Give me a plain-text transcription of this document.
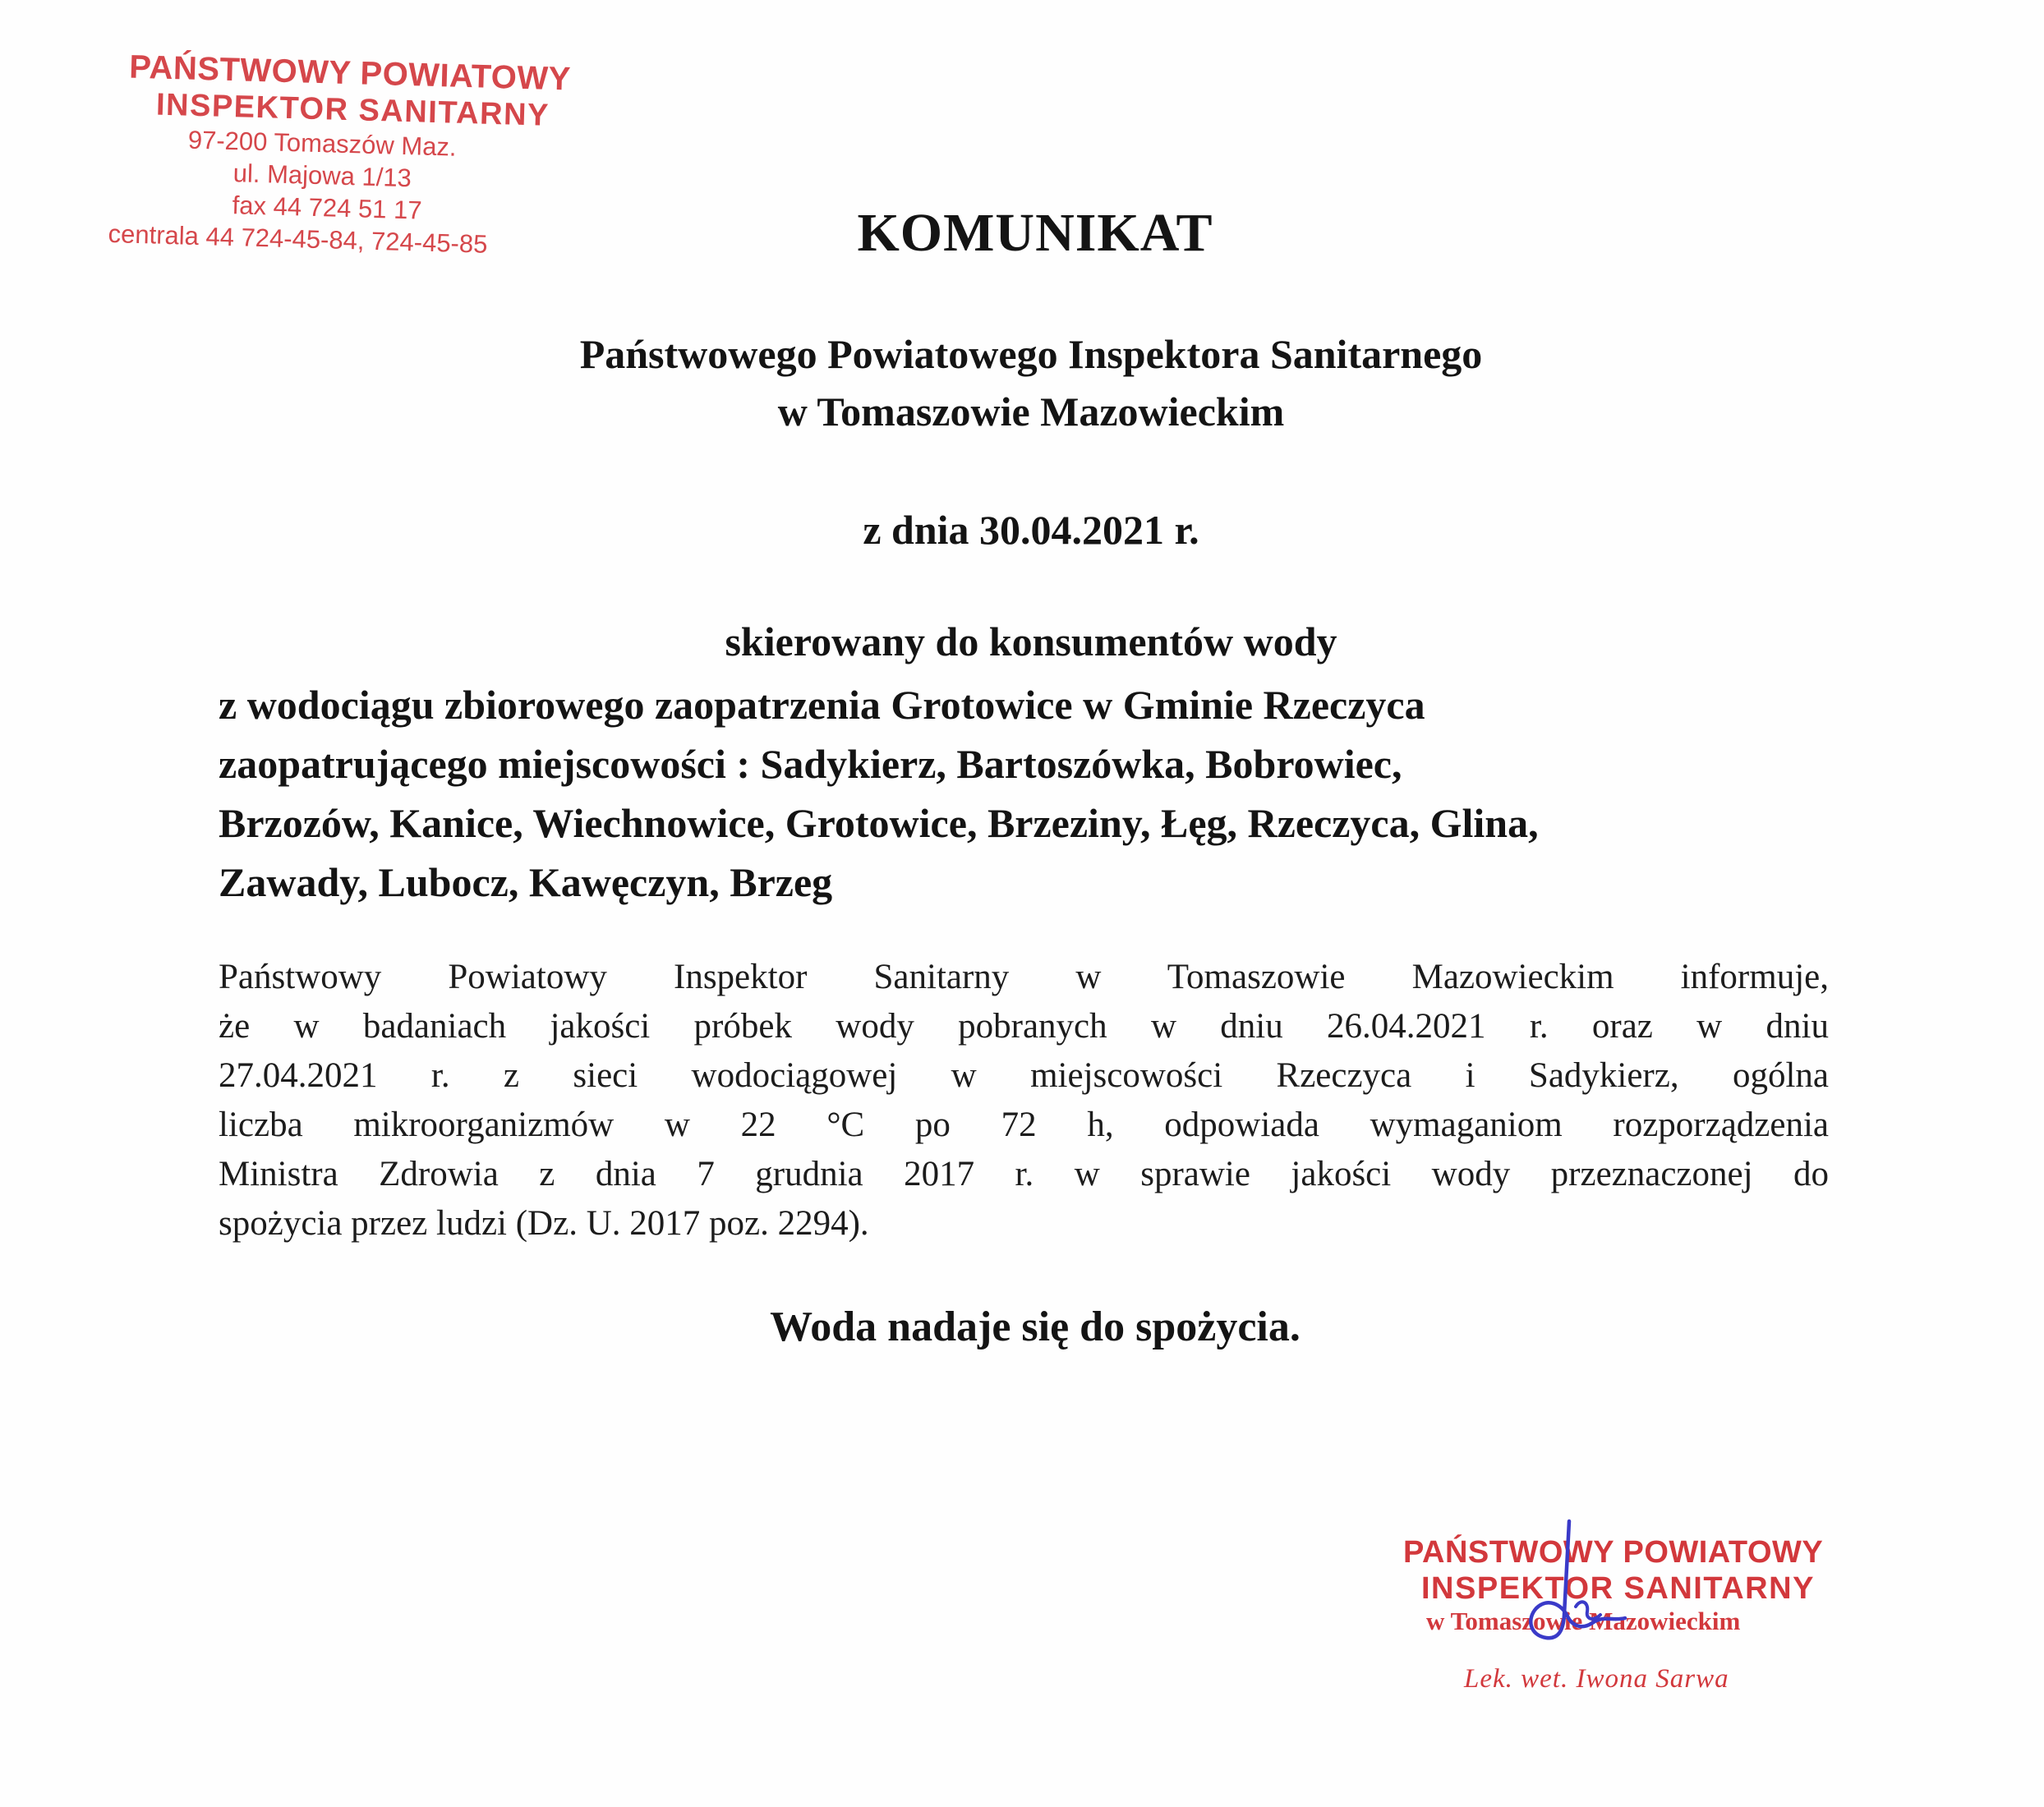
PAŃSTWOWY POWIATOWY
INSPEKTOR SANITARNY
97-200 Tomaszów Maz.
ul. Majowa 1/13
fax 44 724 51 17
centrala 44 724-45-84, 724-45-85	KOMUNIKAT
Państwowego Powiatowego Inspektora Sanitarnego
w Tomaszowie Mazowieckim
z dnia 30.04.2021 r.
skierowany do konsumentów wody
z wodociągu zbiorowego zaopatrzenia Grotowice w Gminie Rzeczyca
zaopatrującego miejscowości : Sadykierz, Bartoszówka, Bobrowiec,
Brzozów, Kanice, Wiechnowice, Grotowice, Brzeziny, Łęg, Rzeczyca, Glina,
Zawady, Lubocz, Kawęczyn, Brzeg
Państwowy Powiatowy Inspektor Sanitarny w Tomaszowie Mazowieckim informuje,
że w badaniach jakości próbek wody pobranych w dniu 26.04.2021 r. oraz w dniu
27.04.2021 r. z sieci wodociągowej w miejscowości Rzeczyca i Sadykierz, ogólna
liczba mikroorganizmów w 22 °C po 72 h, odpowiada wymaganiom rozporządzenia
Ministra Zdrowia z dnia 7 grudnia 2017 r. w sprawie jakości wody przeznaczonej do
spożycia przez ludzi (Dz. U. 2017 poz. 2294).
Woda nadaje się do spożycia.
PAŃSTWOWY POWIATOWY
INSPEKTOR SANITARNY
w Tomaszowie Mazowieckim
Lek. wet. Iwona Sarwa
